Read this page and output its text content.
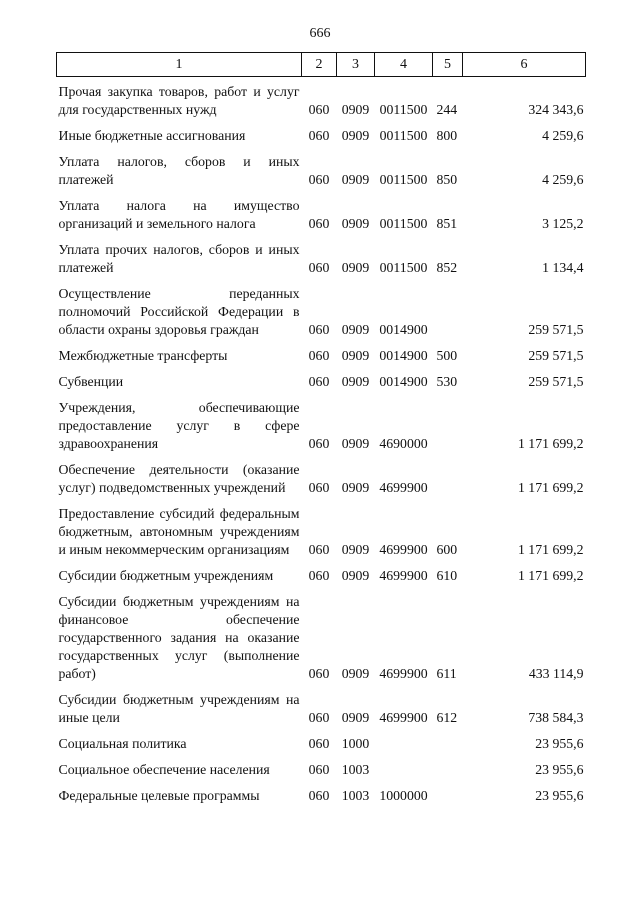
666
1	2	3	4	5	6
Прочая закупка товаров, работ и услуг для государственных нужд	060	0909	0011500	244	324 343,6
Иные бюджетные ассигнования	060	0909	0011500	800	4 259,6
Уплата налогов, сборов и иных платежей	060	0909	0011500	850	4 259,6
Уплата налога на имущество организаций и земельного налога	060	0909	0011500	851	3 125,2
Уплата прочих налогов, сборов и иных платежей	060	0909	0011500	852	1 134,4
Осуществление переданных полномочий Российской Федерации в области охраны здоровья граждан	060	0909	0014900		259 571,5
Межбюджетные трансферты	060	0909	0014900	500	259 571,5
Субвенции	060	0909	0014900	530	259 571,5
Учреждения, обеспечивающие предоставление услуг в сфере здравоохранения	060	0909	4690000		1 171 699,2
Обеспечение деятельности (оказание услуг) подведомственных учреждений	060	0909	4699900		1 171 699,2
Предоставление субсидий федеральным бюджетным, автономным учреждениям и иным некоммерческим организациям	060	0909	4699900	600	1 171 699,2
Субсидии бюджетным учреждениям	060	0909	4699900	610	1 171 699,2
Субсидии бюджетным учреждениям на финансовое обеспечение государственного задания на оказание государственных услуг (выполнение работ)	060	0909	4699900	611	433 114,9
Субсидии бюджетным учреждениям на иные цели	060	0909	4699900	612	738 584,3
Социальная политика	060	1000			23 955,6
Социальное обеспечение населения	060	1003			23 955,6
Федеральные целевые программы	060	1003	1000000		23 955,6
